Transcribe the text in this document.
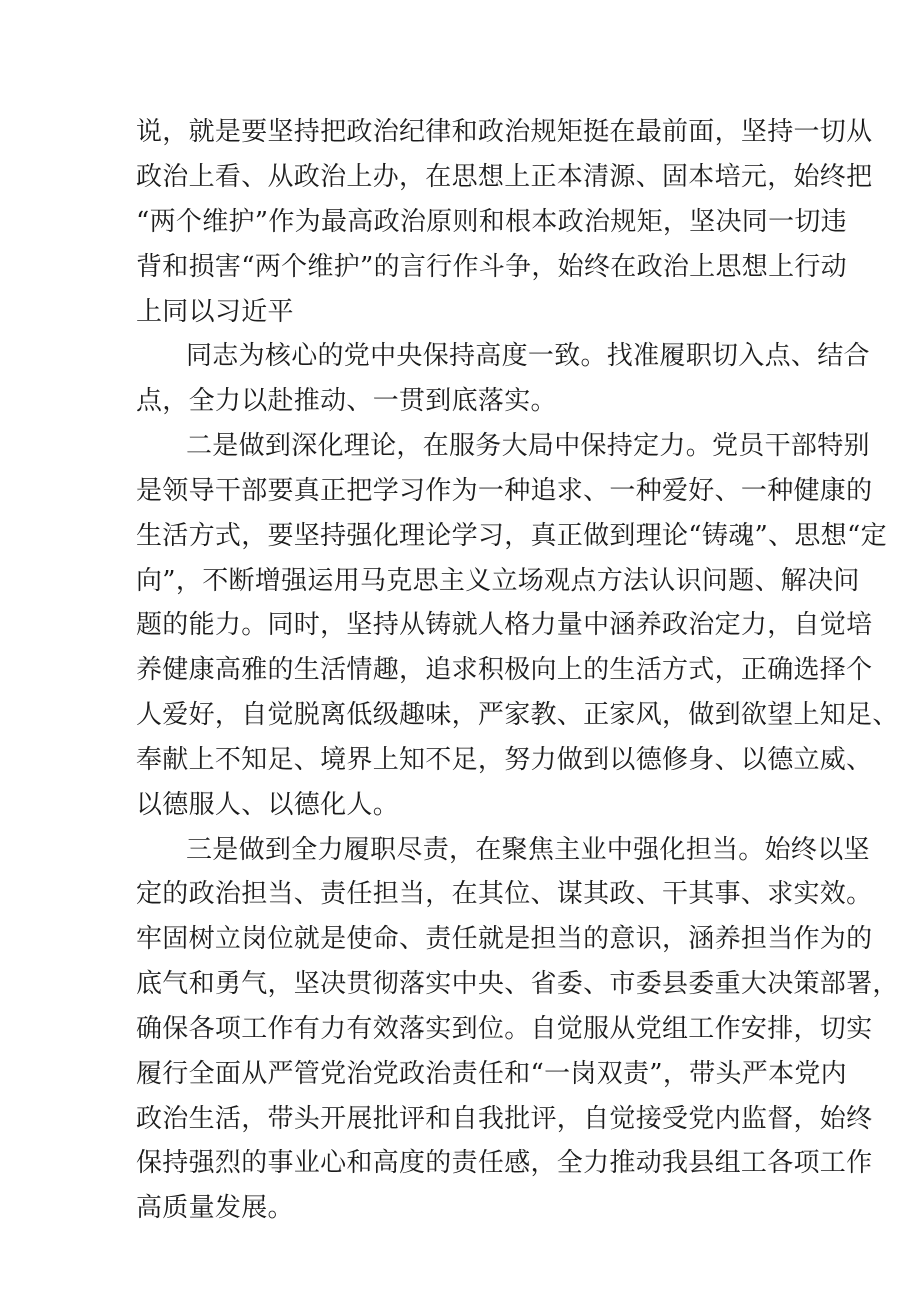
说，就是要坚持把政治纪律和政治规矩挺在最前面，坚持一切从
政治上看、从政治上办，在思想上正本清源、固本培元，始终把
“两个维护”作为最高政治原则和根本政治规矩，坚决同一切违
背和损害“两个维护”的言行作斗争，始终在政治上思想上行动
上同以习近平
同志为核心的党中央保持高度一致。找准履职切入点、结合
点，全力以赴推动、一贯到底落实。
二是做到深化理论，在服务大局中保持定力。党员干部特别
是领导干部要真正把学习作为一种追求、一种爱好、一种健康的
生活方式，要坚持强化理论学习，真正做到理论“铸魂”、思想“定
向”，不断增强运用马克思主义立场观点方法认识问题、解决问
题的能力。同时，坚持从铸就人格力量中涵养政治定力，自觉培
养健康高雅的生活情趣，追求积极向上的生活方式，正确选择个
人爱好，自觉脱离低级趣味，严家教、正家风，做到欲望上知足、
奉献上不知足、境界上知不足，努力做到以德修身、以德立威、
以德服人、以德化人。
三是做到全力履职尽责，在聚焦主业中强化担当。始终以坚
定的政治担当、责任担当，在其位、谋其政、干其事、求实效。
牢固树立岗位就是使命、责任就是担当的意识，涵养担当作为的
底气和勇气，坚决贯彻落实中央、省委、市委县委重大决策部署，
确保各项工作有力有效落实到位。自觉服从党组工作安排，切实
履行全面从严管党治党政治责任和“一岗双责”，带头严本党内
政治生活，带头开展批评和自我批评，自觉接受党内监督，始终
保持强烈的事业心和高度的责任感，全力推动我县组工各项工作
高质量发展。
